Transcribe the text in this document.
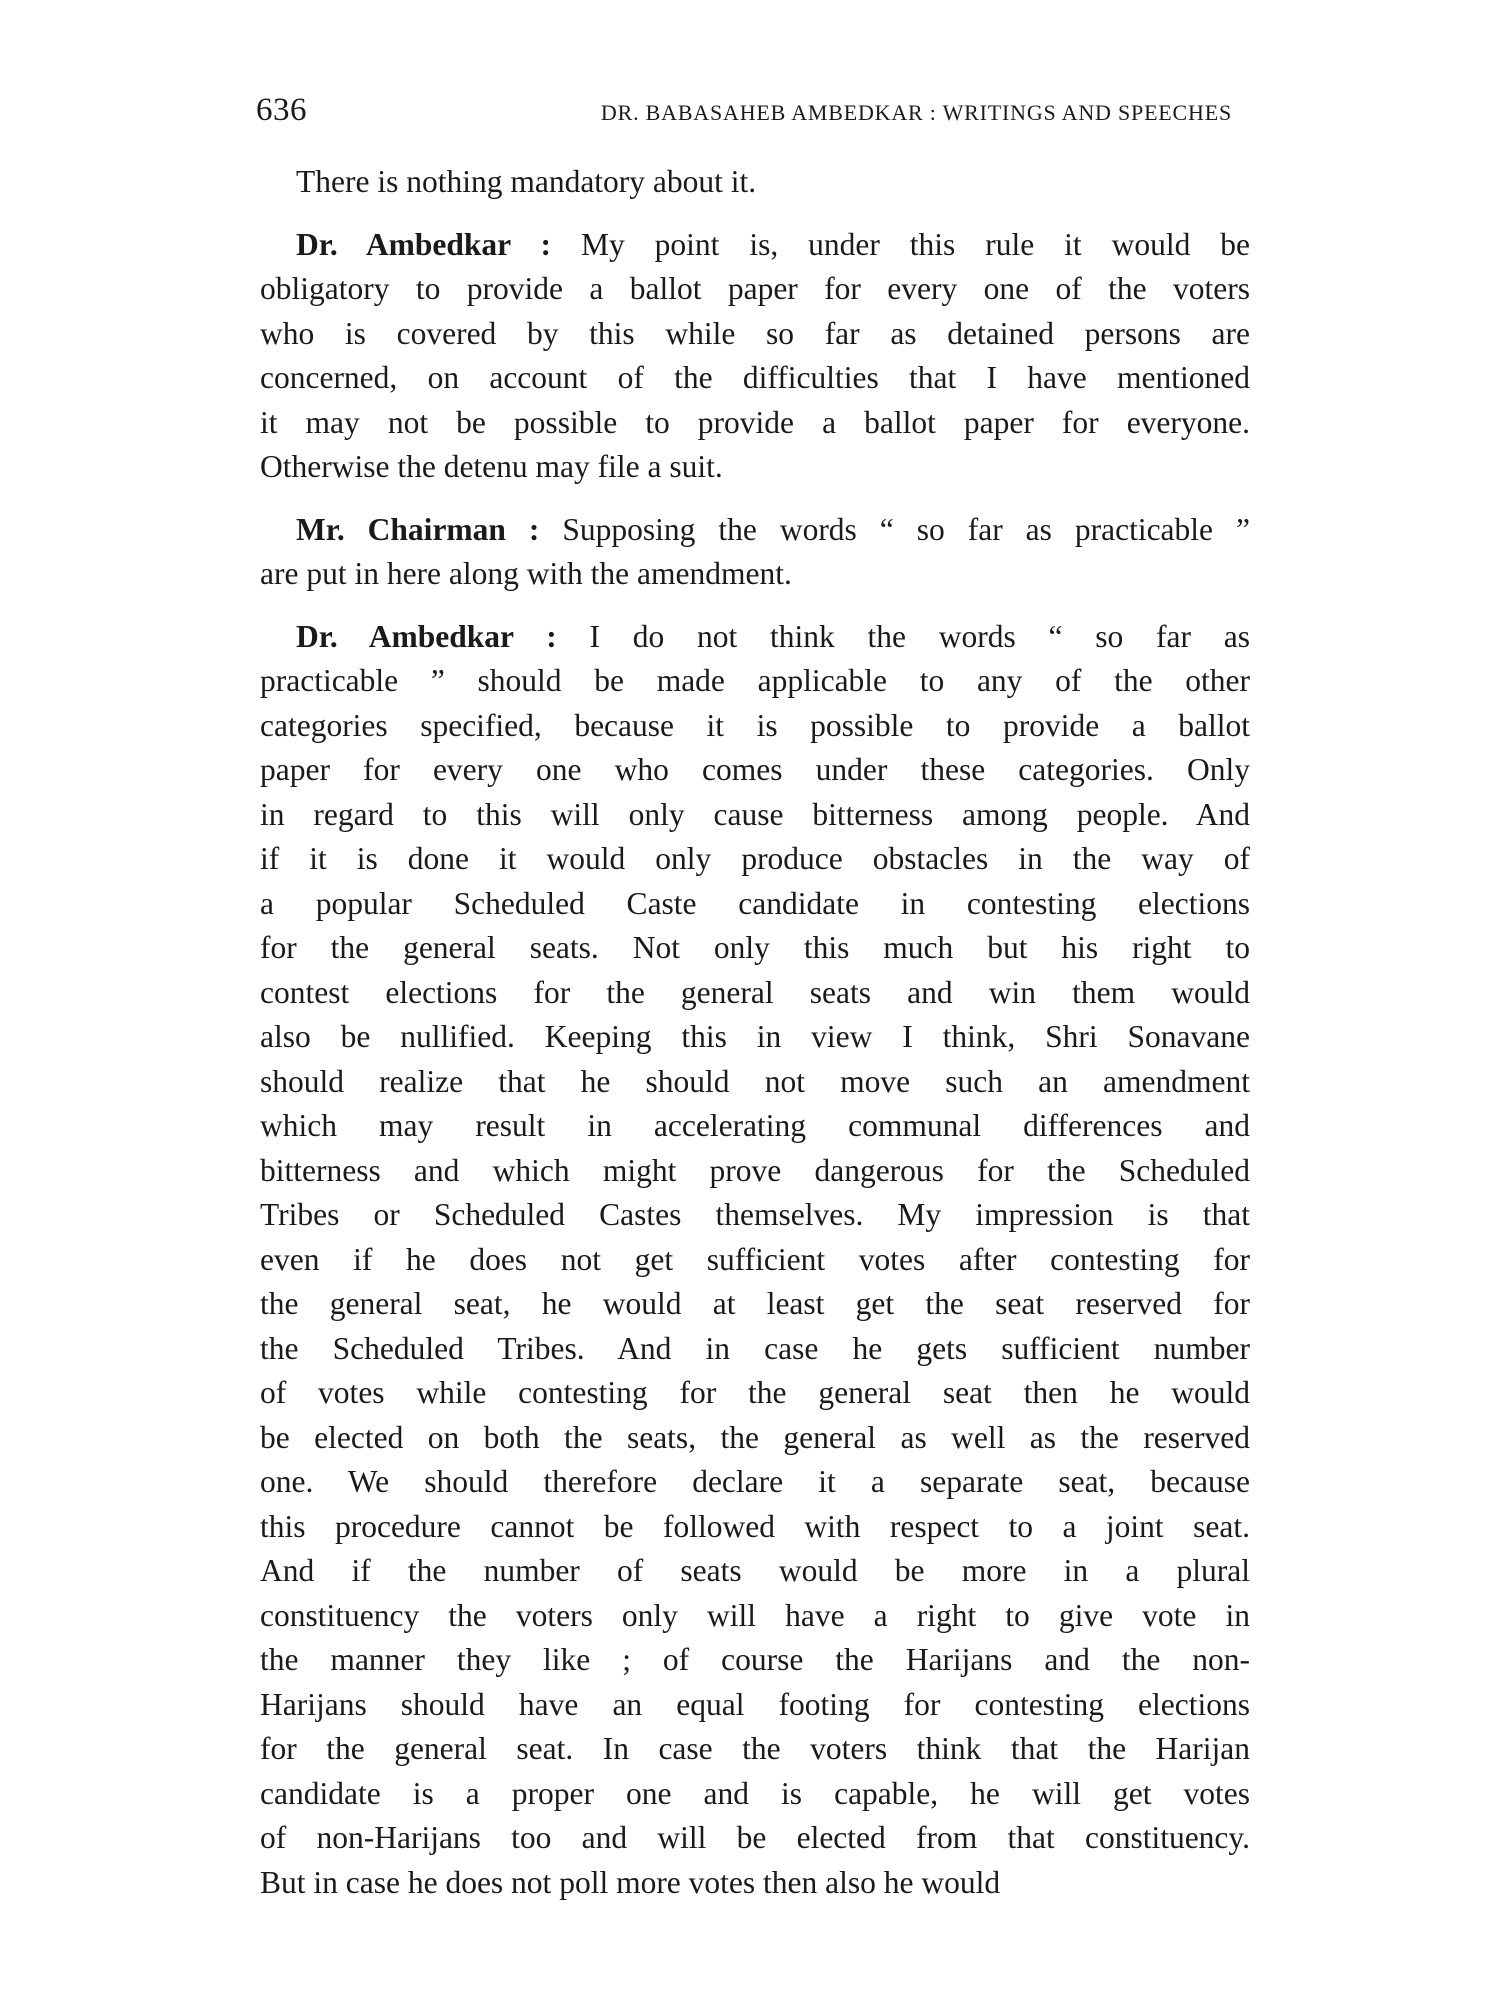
636	DR. BABASAHEB AMBEDKAR : WRITINGS AND SPEECHES
There is nothing mandatory about it.
Dr. Ambedkar : My point is, under this rule it would be
obligatory to provide a ballot paper for every one of the voters
who is covered by this while so far as detained persons are
concerned, on account of the difficulties that I have mentioned
it may not be possible to provide a ballot paper for everyone.
Otherwise the detenu may file a suit.
Mr. Chairman : Supposing the words “ so far as practicable ”
are put in here along with the amendment.
Dr. Ambedkar : I do not think the words “ so far as
practicable ” should be made applicable to any of the other
categories specified, because it is possible to provide a ballot
paper for every one who comes under these categories. Only
in regard to this will only cause bitterness among people. And
if it is done it would only produce obstacles in the way of
a popular Scheduled Caste candidate in contesting elections
for the general seats. Not only this much but his right to
contest elections for the general seats and win them would
also be nullified. Keeping this in view I think, Shri Sonavane
should realize that he should not move such an amendment
which may result in accelerating communal differences and
bitterness and which might prove dangerous for the Scheduled
Tribes or Scheduled Castes themselves. My impression is that
even if he does not get sufficient votes after contesting for
the general seat, he would at least get the seat reserved for
the Scheduled Tribes. And in case he gets sufficient number
of votes while contesting for the general seat then he would
be elected on both the seats, the general as well as the reserved
one. We should therefore declare it a separate seat, because
this procedure cannot be followed with respect to a joint seat.
And if the number of seats would be more in a plural
constituency the voters only will have a right to give vote in
the manner they like ; of course the Harijans and the non-
Harijans should have an equal footing for contesting elections
for the general seat. In case the voters think that the Harijan
candidate is a proper one and is capable, he will get votes
of non-Harijans too and will be elected from that constituency.
But in case he does not poll more votes then also he would
